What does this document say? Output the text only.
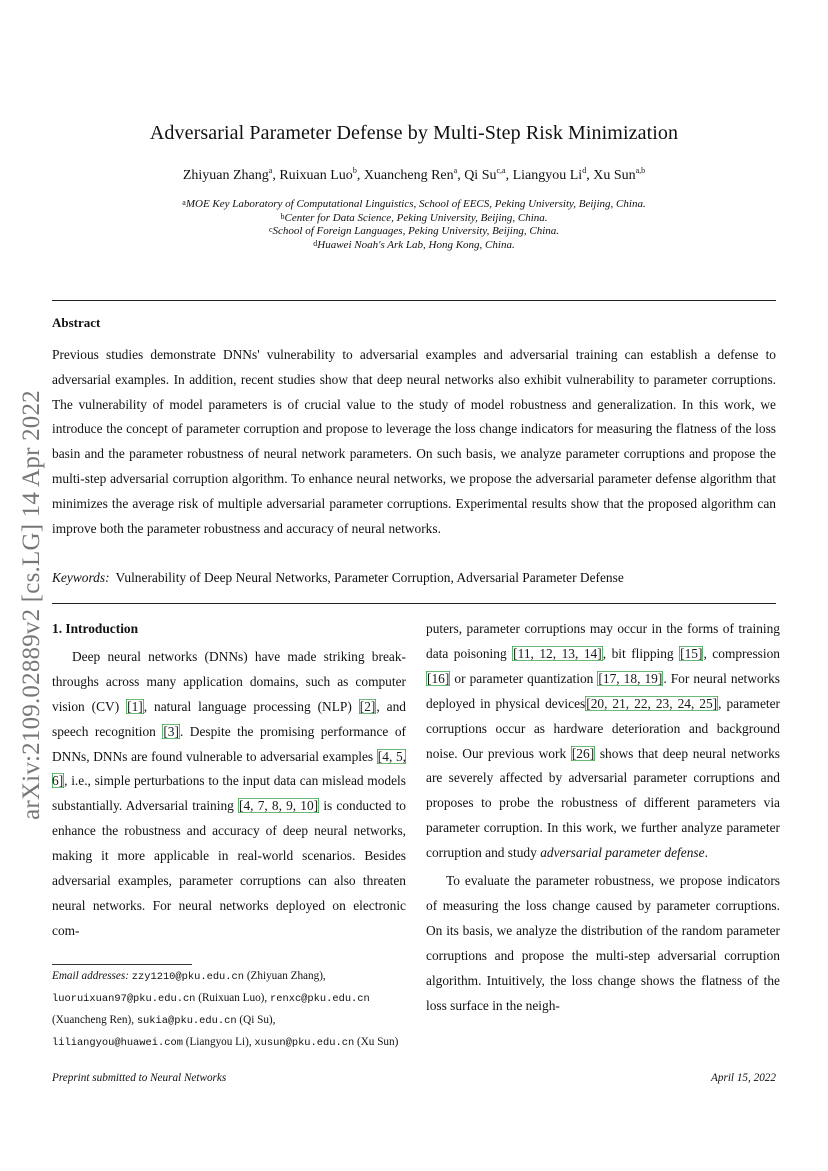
arXiv:2109.02889v2 [cs.LG] 14 Apr 2022
Adversarial Parameter Defense by Multi-Step Risk Minimization
Zhiyuan Zhang$^a$, Ruixuan Luo$^b$, Xuancheng Ren$^a$, Qi Su$^{c,a}$, Liangyou Li$^d$, Xu Sun$^{a,b}$
$^a$MOE Key Laboratory of Computational Linguistics, School of EECS, Peking University, Beijing, China.
$^b$Center for Data Science, Peking University, Beijing, China.
$^c$School of Foreign Languages, Peking University, Beijing, China.
$^d$Huawei Noah's Ark Lab, Hong Kong, China.
Abstract
Previous studies demonstrate DNNs' vulnerability to adversarial examples and adversarial training can establish a defense to adversarial examples. In addition, recent studies show that deep neural networks also exhibit vulnerability to parameter corruptions. The vulnerability of model parameters is of crucial value to the study of model robustness and generalization. In this work, we introduce the concept of parameter corruption and propose to leverage the loss change indicators for measuring the flatness of the loss basin and the parameter robustness of neural network parameters. On such basis, we analyze parameter corruptions and propose the multi-step adversarial corruption algorithm. To enhance neural networks, we propose the adversarial parameter defense algorithm that minimizes the average risk of multiple adversarial parameter corruptions. Experimental results show that the proposed algorithm can improve both the parameter robustness and accuracy of neural networks.
Keywords: Vulnerability of Deep Neural Networks, Parameter Corruption, Adversarial Parameter Defense
1. Introduction

Deep neural networks (DNNs) have made striking break-throughs across many application domains, such as computer vision (CV) [1], natural language processing (NLP) [2], and speech recognition [3]. Despite the promising performance of DNNs, DNNs are found vulnerable to adversarial examples [4, 5, 6], i.e., simple perturbations to the input data can mislead models substantially. Adversarial training [4, 7, 8, 9, 10] is conducted to enhance the robustness and accuracy of deep neural networks, making it more applicable in real-world scenarios. Besides adversarial examples, parameter corruptions can also threaten neural networks. For neural networks deployed on electronic com-

puters, parameter corruptions may occur in the forms of training data poisoning [11, 12, 13, 14], bit flipping [15], compression [16] or parameter quantization [17, 18, 19]. For neural networks deployed in physical devices[20, 21, 22, 23, 24, 25], parameter corruptions occur as hardware deterioration and background noise. Our previous work [26] shows that deep neural networks are severely affected by adversarial parameter corruptions and proposes to probe the robustness of different parameters via parameter corruption. In this work, we further analyze parameter corruption and study adversarial parameter defense.

To evaluate the parameter robustness, we propose indicators of measuring the loss change caused by parameter corruptions. On its basis, we analyze the distribution of the random parameter corruptions and propose the multi-step adversarial corruption algorithm. Intuitively, the loss change shows the flatness of the loss surface in the neigh-

Email addresses: zzy1210@pku.edu.cn (Zhiyuan Zhang), luoruixuan97@pku.edu.cn (Ruixuan Luo), renxc@pku.edu.cn (Xuancheng Ren), sukia@pku.edu.cn (Qi Su), liliangyou@huawei.com (Liangyou Li), xusun@pku.edu.cn (Xu Sun)
Preprint submitted to Neural Networks	April 15, 2022
